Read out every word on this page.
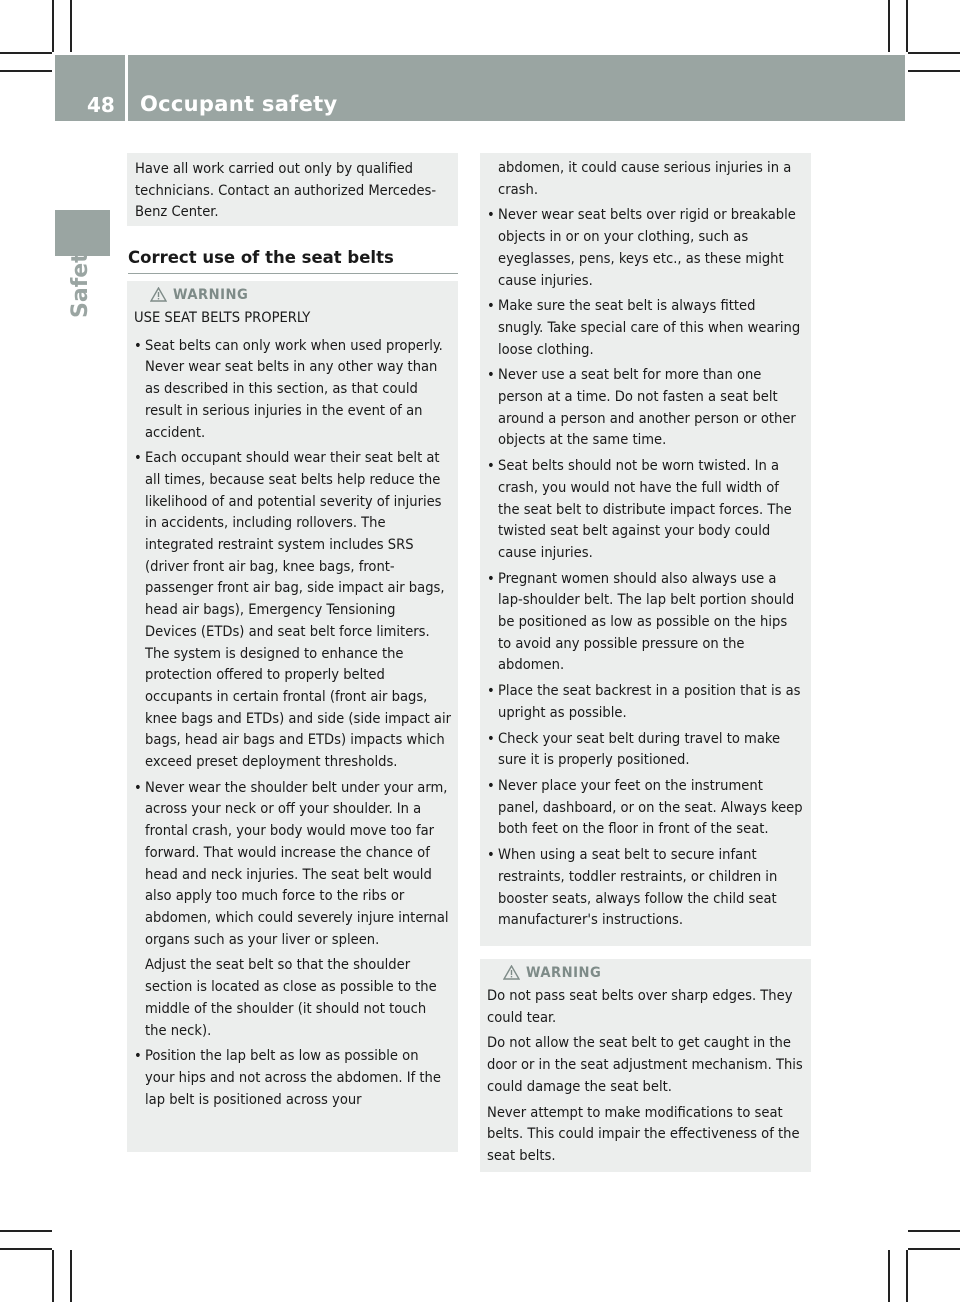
48 Occupant safety
Safety
Have all work carried out only by qualified technicians. Contact an authorized Mercedes-Benz Center.
Correct use of the seat belts
WARNING

USE SEAT BELTS PROPERLY

• Seat belts can only work when used properly. Never wear seat belts in any other way than as described in this section, as that could result in serious injuries in the event of an accident.
• Each occupant should wear their seat belt at all times, because seat belts help reduce the likelihood of and potential severity of injuries in accidents, including rollovers. The integrated restraint system includes SRS (driver front air bag, knee bags, front-passenger front air bag, side impact air bags, head air bags), Emergency Tensioning Devices (ETDs) and seat belt force limiters. The system is designed to enhance the protection offered to properly belted occupants in certain frontal (front air bags, knee bags and ETDs) and side (side impact air bags, head air bags and ETDs) impacts which exceed preset deployment thresholds.
• Never wear the shoulder belt under your arm, across your neck or off your shoulder. In a frontal crash, your body would move too far forward. That would increase the chance of head and neck injuries. The seat belt would also apply too much force to the ribs or abdomen, which could severely injure internal organs such as your liver or spleen.

Adjust the seat belt so that the shoulder section is located as close as possible to the middle of the shoulder (it should not touch the neck).

• Position the lap belt as low as possible on your hips and not across the abdomen. If the lap belt is positioned across your

abdomen, it could cause serious injuries in a crash.

• Never wear seat belts over rigid or breakable objects in or on your clothing, such as eyeglasses, pens, keys etc., as these might cause injuries.
• Make sure the seat belt is always fitted snugly. Take special care of this when wearing loose clothing.
• Never use a seat belt for more than one person at a time. Do not fasten a seat belt around a person and another person or other objects at the same time.
• Seat belts should not be worn twisted. In a crash, you would not have the full width of the seat belt to distribute impact forces. The twisted seat belt against your body could cause injuries.
• Pregnant women should also always use a lap-shoulder belt. The lap belt portion should be positioned as low as possible on the hips to avoid any possible pressure on the abdomen.
• Place the seat backrest in a position that is as upright as possible.
• Check your seat belt during travel to make sure it is properly positioned.
• Never place your feet on the instrument panel, dashboard, or on the seat. Always keep both feet on the floor in front of the seat.
• When using a seat belt to secure infant restraints, toddler restraints, or children in booster seats, always follow the child seat manufacturer's instructions.
WARNING

Do not pass seat belts over sharp edges. They could tear.

Do not allow the seat belt to get caught in the door or in the seat adjustment mechanism. This could damage the seat belt.

Never attempt to make modifications to seat belts. This could impair the effectiveness of the seat belts.
